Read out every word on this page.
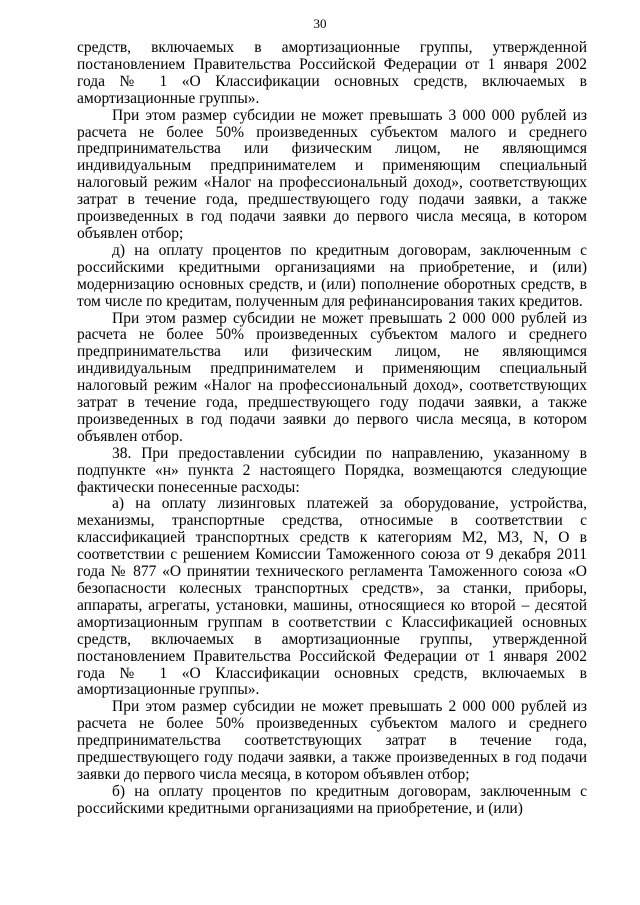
30

средств, включаемых в амортизационные группы, утвержденной постановлением Правительства Российской Федерации от 1 января 2002 года № 1 «О Классификации основных средств, включаемых в амортизационные группы».

При этом размер субсидии не может превышать 3 000 000 рублей из расчета не более 50% произведенных субъектом малого и среднего предпринимательства или физическим лицом, не являющимся индивидуальным предпринимателем и применяющим специальный налоговый режим «Налог на профессиональный доход», соответствующих затрат в течение года, предшествующего году подачи заявки, а также произведенных в год подачи заявки до первого числа месяца, в котором объявлен отбор;

д) на оплату процентов по кредитным договорам, заключенным с российскими кредитными организациями на приобретение, и (или) модернизацию основных средств, и (или) пополнение оборотных средств, в том числе по кредитам, полученным для рефинансирования таких кредитов.

При этом размер субсидии не может превышать 2 000 000 рублей из расчета не более 50% произведенных субъектом малого и среднего предпринимательства или физическим лицом, не являющимся индивидуальным предпринимателем и применяющим специальный налоговый режим «Налог на профессиональный доход», соответствующих затрат в течение года, предшествующего году подачи заявки, а также произведенных в год подачи заявки до первого числа месяца, в котором объявлен отбор.

38. При предоставлении субсидии по направлению, указанному в подпункте «н» пункта 2 настоящего Порядка, возмещаются следующие фактически понесенные расходы:

а) на оплату лизинговых платежей за оборудование, устройства, механизмы, транспортные средства, относимые в соответствии с классификацией транспортных средств к категориям М2, М3, N, O в соответствии с решением Комиссии Таможенного союза от 9 декабря 2011 года № 877 «О принятии технического регламента Таможенного союза «О безопасности колесных транспортных средств», за станки, приборы, аппараты, агрегаты, установки, машины, относящиеся ко второй – десятой амортизационным группам в соответствии с Классификацией основных средств, включаемых в амортизационные группы, утвержденной постановлением Правительства Российской Федерации от 1 января 2002 года № 1 «О Классификации основных средств, включаемых в амортизационные группы».

При этом размер субсидии не может превышать 2 000 000 рублей из расчета не более 50% произведенных субъектом малого и среднего предпринимательства соответствующих затрат в течение года, предшествующего году подачи заявки, а также произведенных в год подачи заявки до первого числа месяца, в котором объявлен отбор;

б) на оплату процентов по кредитным договорам, заключенным с российскими кредитными организациями на приобретение, и (или)
